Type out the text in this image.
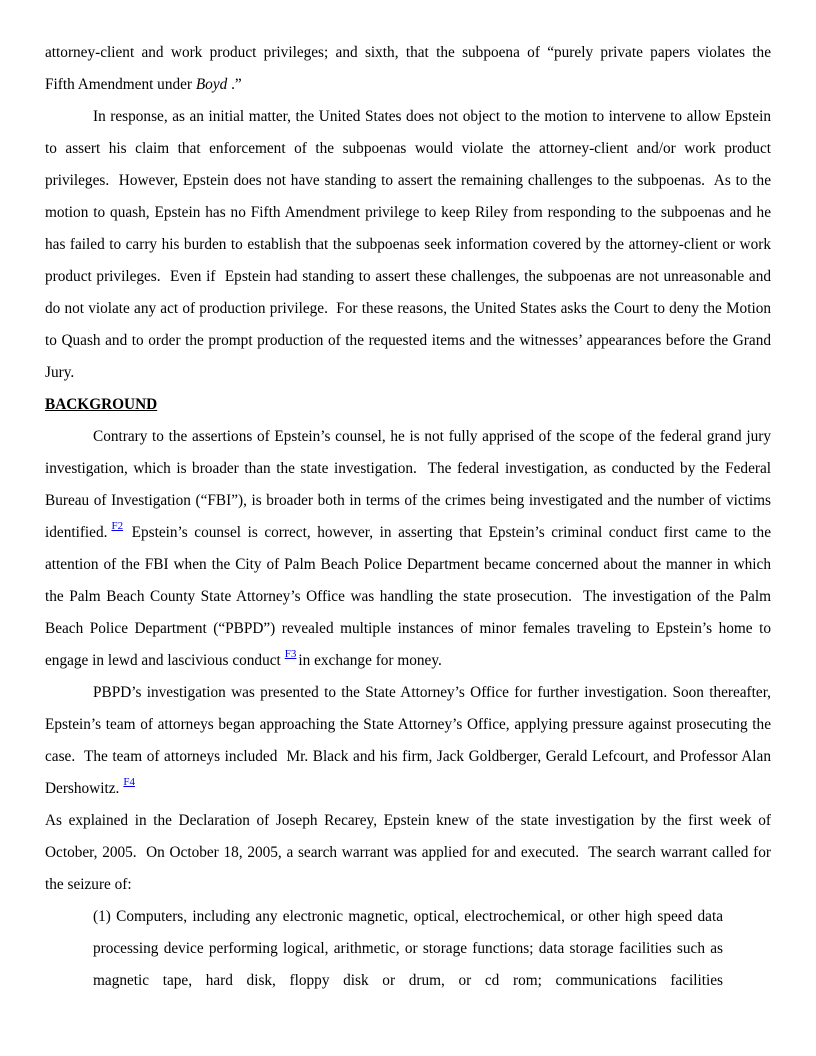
attorney-client and work product privileges; and sixth, that the subpoena of “purely private papers violates the
Fifth Amendment under Boyd .”

In response, as an initial matter, the United States does not object to the motion to intervene to allow Epstein to assert his claim that enforcement of the subpoenas would violate the attorney-client and/or work product privileges.  However, Epstein does not have standing to assert the remaining challenges to the subpoenas.  As to the motion to quash, Epstein has no Fifth Amendment privilege to keep Riley from responding to the subpoenas and he has failed to carry his burden to establish that the subpoenas seek information covered by the attorney-client or work product privileges.  Even if  Epstein had standing to assert these challenges, the subpoenas are not unreasonable and do not violate any act of production privilege.  For these reasons, the United States asks the Court to deny the Motion to Quash and to order the prompt production of the requested items and the witnesses’ appearances before the Grand Jury.

BACKGROUND

Contrary to the assertions of Epstein’s counsel, he is not fully apprised of the scope of the federal grand jury investigation, which is broader than the state investigation.  The federal investigation, as conducted by the Federal Bureau of Investigation (“FBI”), is broader both in terms of the crimes being investigated and the number of victims identified. $^{F2}$ Epstein’s counsel is correct, however, in asserting that Epstein’s criminal conduct first came to the attention of the FBI when the City of Palm Beach Police Department became concerned about the manner in which the Palm Beach County State Attorney’s Office was handling the state prosecution.  The investigation of the Palm Beach Police Department (“PBPD”) revealed multiple instances of minor females traveling to Epstein’s home to engage in lewd and lascivious conduct $^{F3}$ in exchange for money.

PBPD’s investigation was presented to the State Attorney’s Office for further investigation. Soon thereafter, Epstein’s team of attorneys began approaching the State Attorney’s Office, applying pressure against prosecuting the case.  The team of attorneys included  Mr. Black and his firm, Jack Goldberger, Gerald Lefcourt, and Professor Alan Dershowitz. $^{F4}$

As explained in the Declaration of Joseph Recarey, Epstein knew of the state investigation by the first week of October, 2005.  On October 18, 2005, a search warrant was applied for and executed.  The search warrant called for the seizure of:

(1) Computers, including any electronic magnetic, optical, electrochemical, or other high speed data processing device performing logical, arithmetic, or storage functions; data storage facilities such as magnetic tape, hard disk, floppy disk or drum, or cd rom; communications facilities
